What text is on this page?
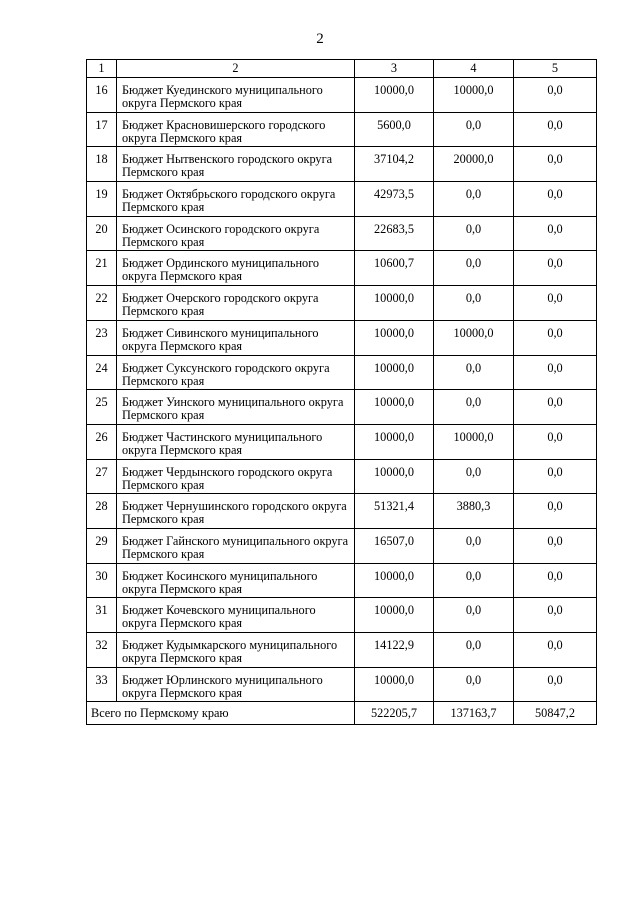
2
1	2	3	4	5
16	Бюджет Куединского муниципального округа Пермского края	10000,0	10000,0	0,0
17	Бюджет Красновишерского городского округа Пермского края	5600,0	0,0	0,0
18	Бюджет Нытвенского городского округа Пермского края	37104,2	20000,0	0,0
19	Бюджет Октябрьского городского округа Пермского края	42973,5	0,0	0,0
20	Бюджет Осинского городского округа Пермского края	22683,5	0,0	0,0
21	Бюджет Ординского муниципального округа Пермского края	10600,7	0,0	0,0
22	Бюджет Очерского городского округа Пермского края	10000,0	0,0	0,0
23	Бюджет Сивинского муниципального округа Пермского края	10000,0	10000,0	0,0
24	Бюджет Суксунского городского округа Пермского края	10000,0	0,0	0,0
25	Бюджет Уинского муниципального округа Пермского края	10000,0	0,0	0,0
26	Бюджет Частинского муниципального округа Пермского края	10000,0	10000,0	0,0
27	Бюджет Чердынского городского округа Пермского края	10000,0	0,0	0,0
28	Бюджет Чернушинского городского округа Пермского края	51321,4	3880,3	0,0
29	Бюджет Гайнского муниципального округа Пермского края	16507,0	0,0	0,0
30	Бюджет Косинского муниципального округа Пермского края	10000,0	0,0	0,0
31	Бюджет Кочевского муниципального округа Пермского края	10000,0	0,0	0,0
32	Бюджет Кудымкарского муниципального округа Пермского края	14122,9	0,0	0,0
33	Бюджет Юрлинского муниципального округа Пермского края	10000,0	0,0	0,0
Всего по Пермскому краю		522205,7	137163,7	50847,2
